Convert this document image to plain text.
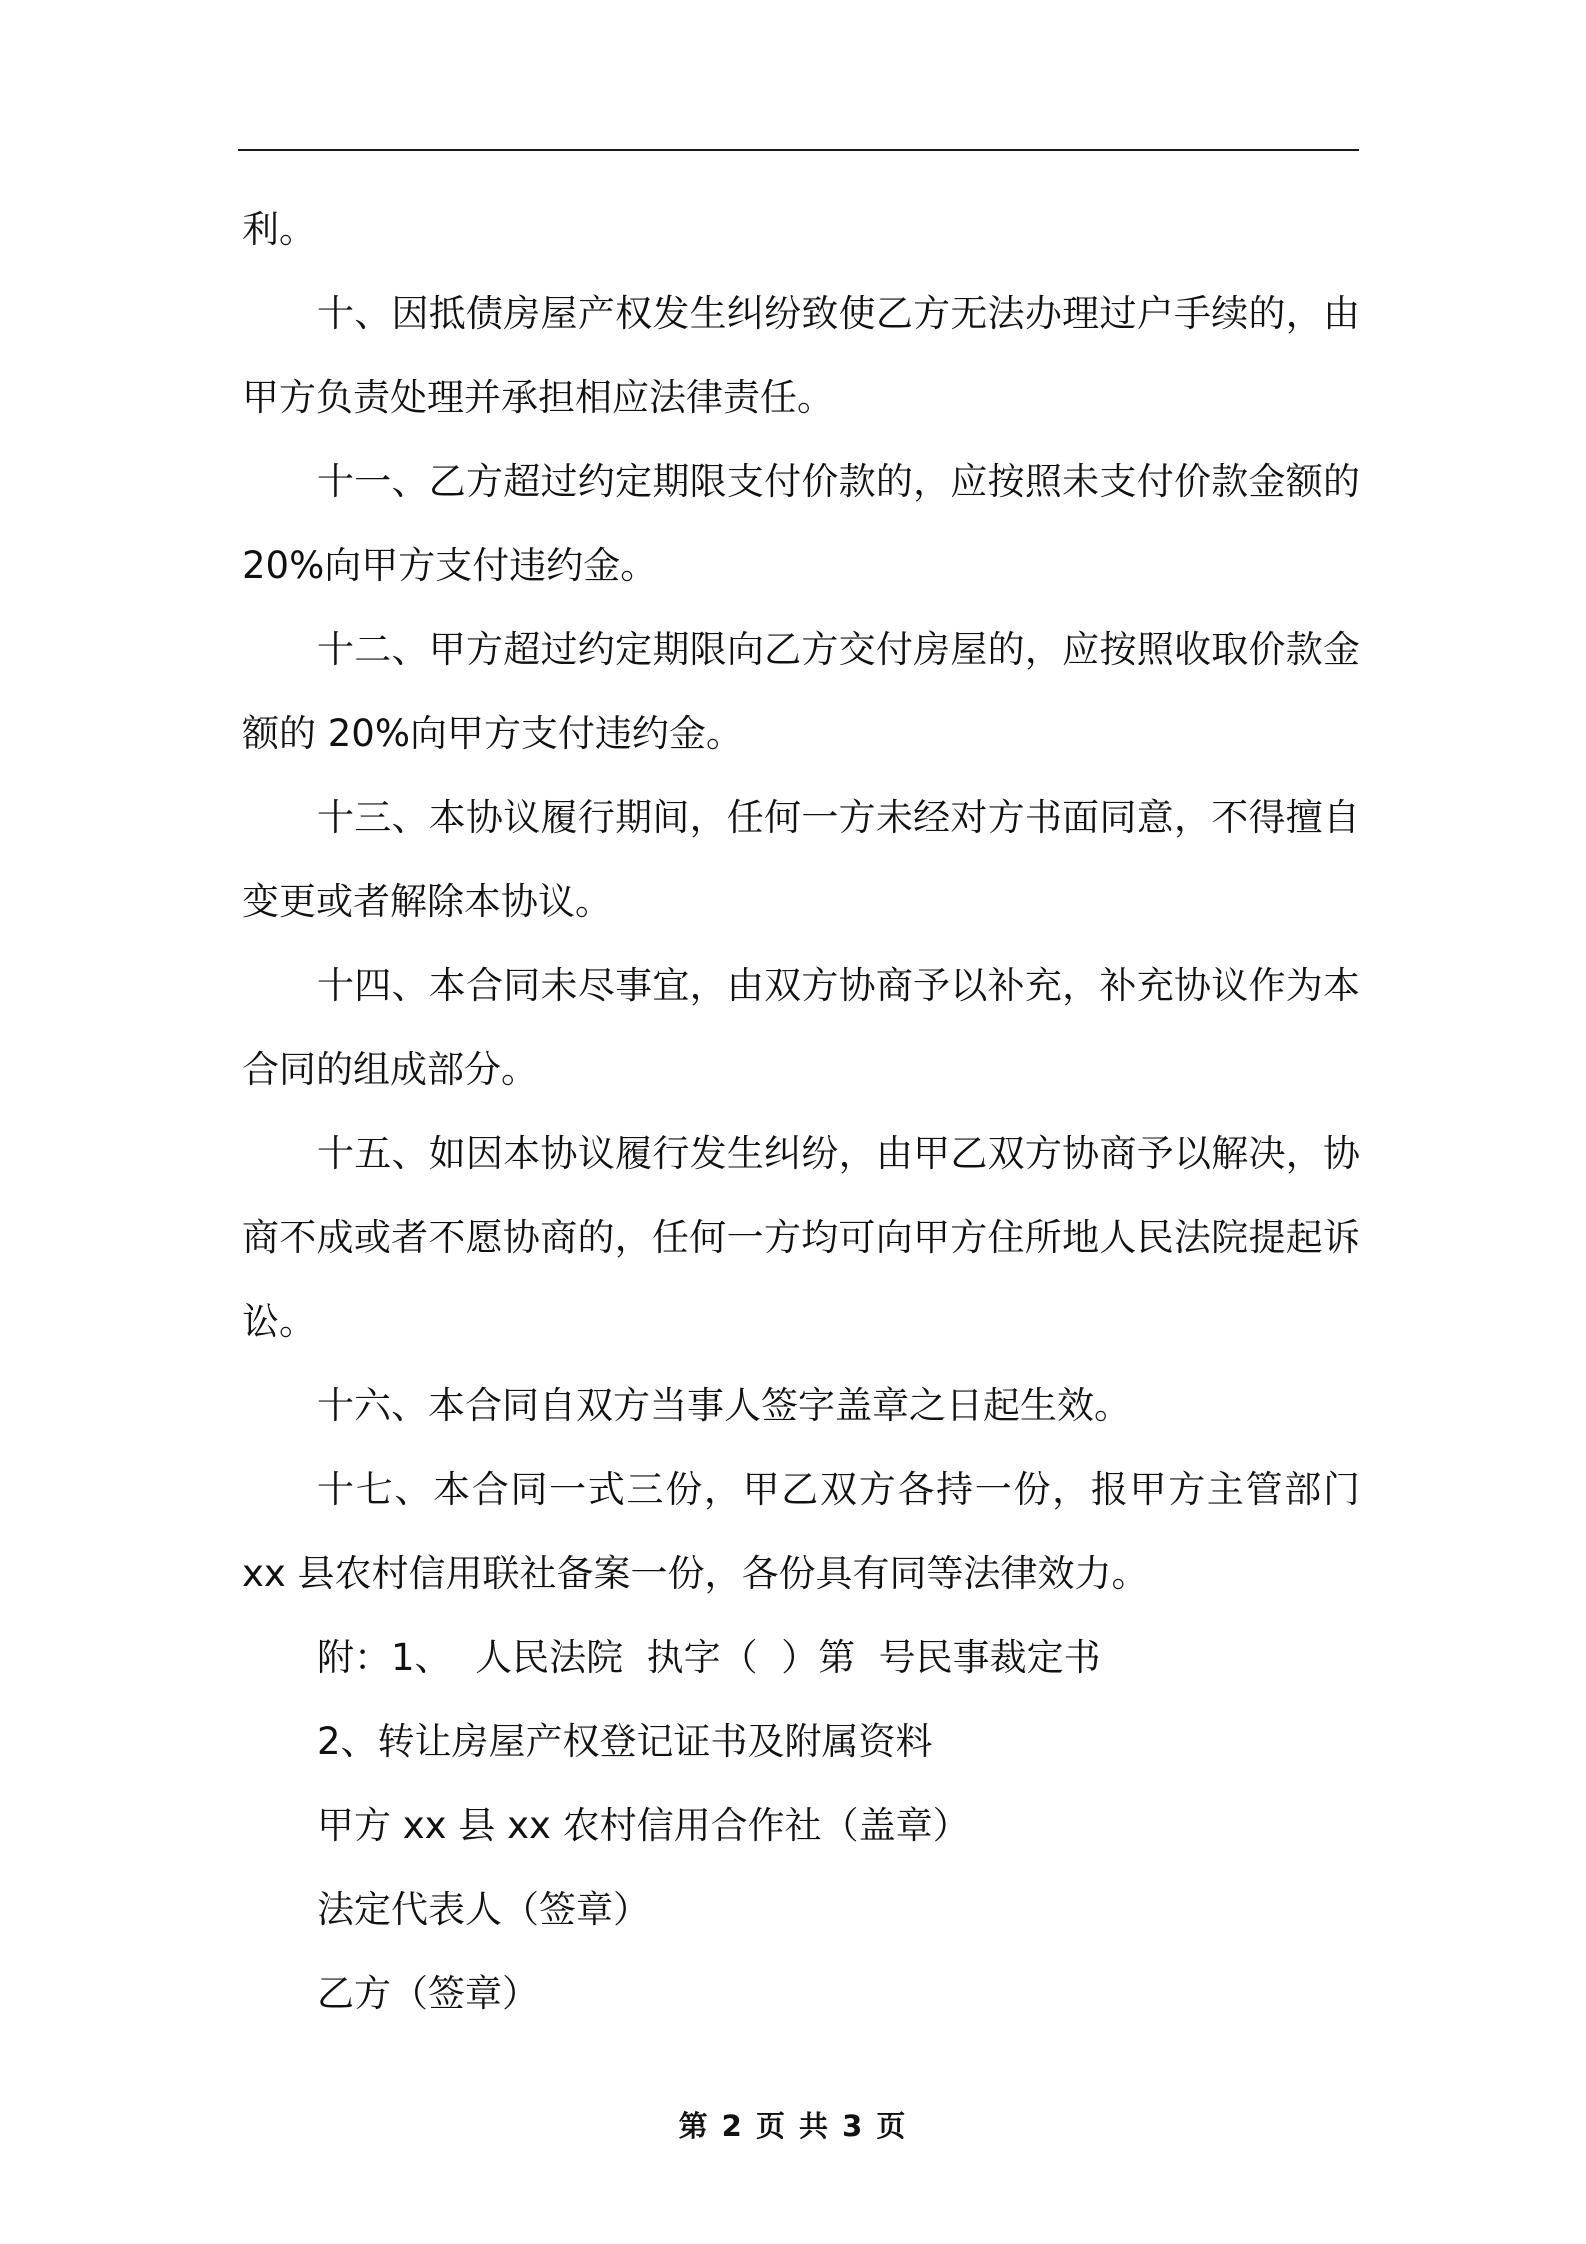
利。

十、因抵债房屋产权发生纠纷致使乙方无法办理过户手续的，由甲方负责处理并承担相应法律责任。

十一、乙方超过约定期限支付价款的，应按照未支付价款金额的20%向甲方支付违约金。

十二、甲方超过约定期限向乙方交付房屋的，应按照收取价款金额的 20%向甲方支付违约金。

十三、本协议履行期间，任何一方未经对方书面同意，不得擅自变更或者解除本协议。

十四、本合同未尽事宜，由双方协商予以补充，补充协议作为本合同的组成部分。

十五、如因本协议履行发生纠纷，由甲乙双方协商予以解决，协商不成或者不愿协商的，任何一方均可向甲方住所地人民法院提起诉讼。

十六、本合同自双方当事人签字盖章之日起生效。

十七、本合同一式三份，甲乙双方各持一份，报甲方主管部门 xx 县农村信用联社备案一份，各份具有同等法律效力。

附：1、  人民法院  执字（  ）第  号民事裁定书

2、转让房屋产权登记证书及附属资料

甲方 xx 县 xx 农村信用合作社（盖章）

法定代表人（签章）

乙方（签章）

第 2 页 共 3 页
